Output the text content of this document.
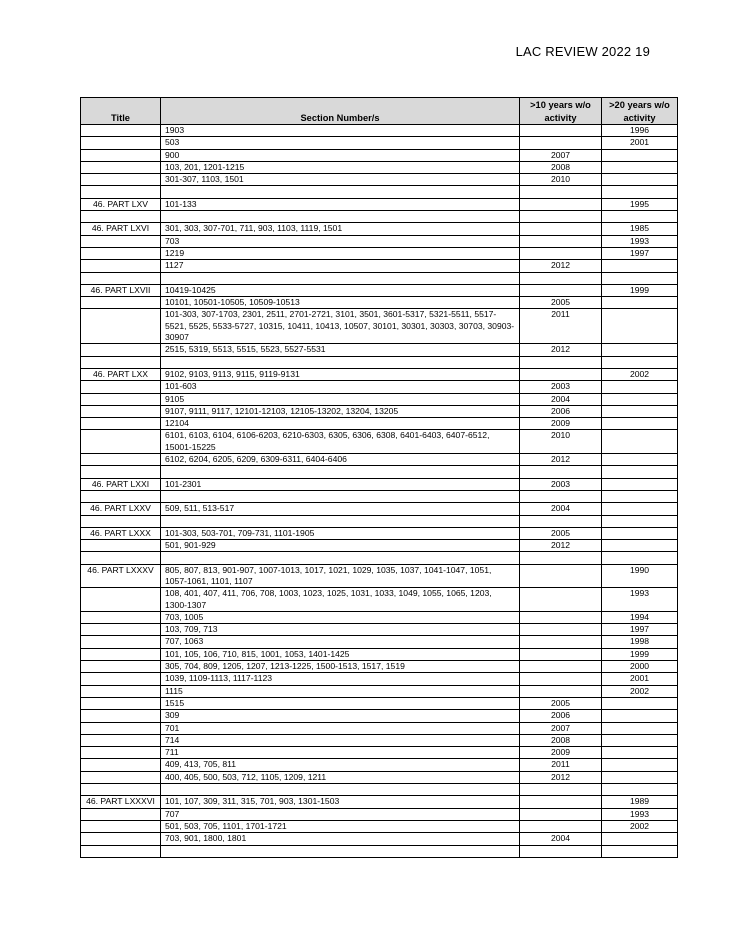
LAC REVIEW 2022 19
Title	Section Number/s	>10 years w/o activity	>20 years w/o activity
	1903		1996
	503		2001
	900	2007	
	103, 201, 1201-1215	2008	
	301-307, 1103, 1501	2010	

46. PART LXV	101-133		1995

46. PART LXVI	301, 303, 307-701, 711, 903, 1103, 1119, 1501		1985
	703		1993
	1219		1997
	1127	2012	

46. PART LXVII	10419-10425		1999
	10101, 10501-10505, 10509-10513	2005	
	101-303, 307-1703, 2301, 2511, 2701-2721, 3101, 3501, 3601-5317, 5321-5511, 5517-5521, 5525, 5533-5727, 10315, 10411, 10413, 10507, 30101, 30301, 30303, 30703, 30903-30907	2011	
	2515, 5319, 5513, 5515, 5523, 5527-5531	2012	

46. PART LXX	9102, 9103, 9113, 9115, 9119-9131		2002
	101-603	2003	
	9105	2004	
	9107, 9111, 9117, 12101-12103, 12105-13202, 13204, 13205	2006	
	12104	2009	
	6101, 6103, 6104, 6106-6203, 6210-6303, 6305, 6306, 6308, 6401-6403, 6407-6512, 15001-15225	2010	
	6102, 6204, 6205, 6209, 6309-6311, 6404-6406	2012	

46. PART LXXI	101-2301	2003	

46. PART LXXV	509, 511, 513-517	2004	

46. PART LXXX	101-303, 503-701, 709-731, 1101-1905	2005	
	501, 901-929	2012	

46. PART LXXXV	805, 807, 813, 901-907, 1007-1013, 1017, 1021, 1029, 1035, 1037, 1041-1047, 1051, 1057-1061, 1101, 1107		1990
	108, 401, 407, 411, 706, 708, 1003, 1023, 1025, 1031, 1033, 1049, 1055, 1065, 1203, 1300-1307		1993
	703, 1005		1994
	103, 709, 713		1997
	707, 1063		1998
	101, 105, 106, 710, 815, 1001, 1053, 1401-1425		1999
	305, 704, 809, 1205, 1207, 1213-1225, 1500-1513, 1517, 1519		2000
	1039, 1109-1113, 1117-1123		2001
	1115		2002
	1515	2005	
	309	2006	
	701	2007	
	714	2008	
	711	2009	
	409, 413, 705, 811	2011	
	400, 405, 500, 503, 712, 1105, 1209, 1211	2012	

46. PART LXXXVI	101, 107, 309, 311, 315, 701, 903, 1301-1503		1989
	707		1993
	501, 503, 705, 1101, 1701-1721		2002
	703, 901, 1800, 1801	2004	
